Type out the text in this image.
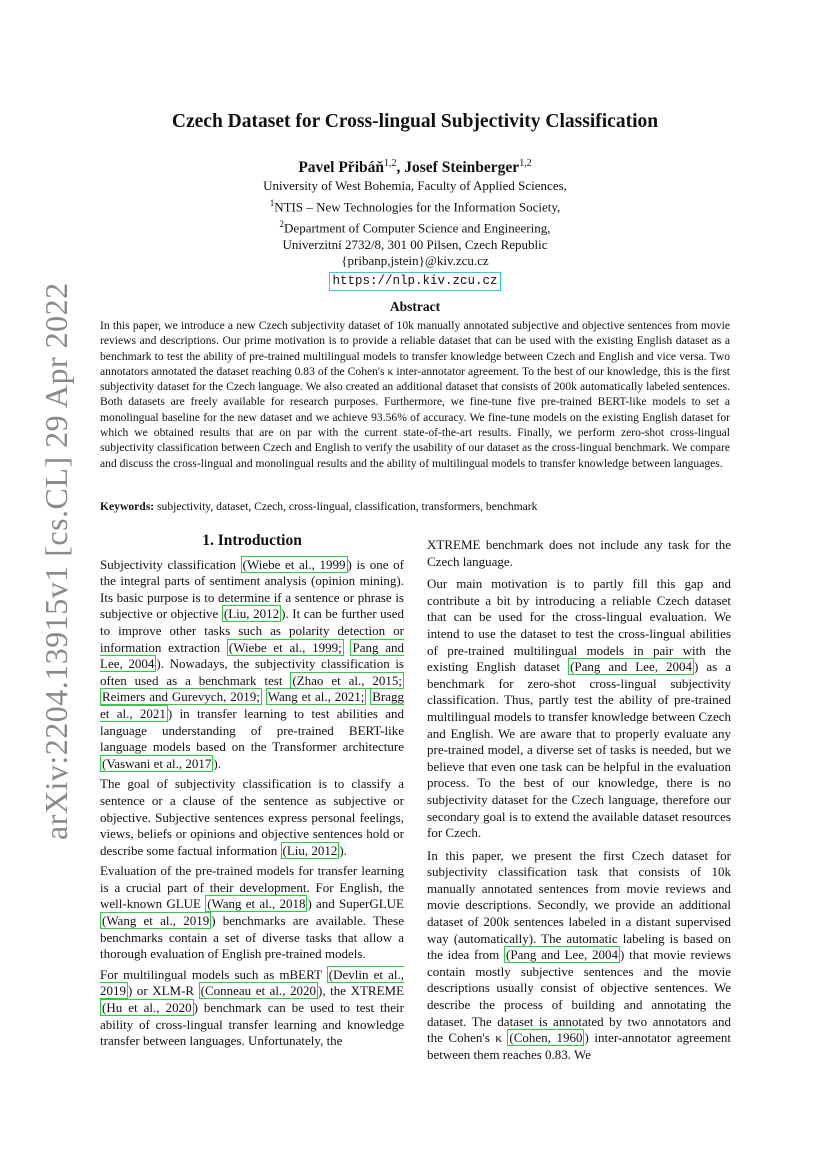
arXiv:2204.13915v1 [cs.CL] 29 Apr 2022
Czech Dataset for Cross-lingual Subjectivity Classification
Pavel Přibáň$^{1,2}$, Josef Steinberger$^{1,2}$
University of West Bohemia, Faculty of Applied Sciences,
$^1$NTIS – New Technologies for the Information Society,
$^2$Department of Computer Science and Engineering,
Univerzitní 2732/8, 301 00 Pilsen, Czech Republic
{pribanp,jstein}@kiv.zcu.cz
https://nlp.kiv.zcu.cz
Abstract
In this paper, we introduce a new Czech subjectivity dataset of 10k manually annotated subjective and objective sentences from movie reviews and descriptions. Our prime motivation is to provide a reliable dataset that can be used with the existing English dataset as a benchmark to test the ability of pre-trained multilingual models to transfer knowledge between Czech and English and vice versa. Two annotators annotated the dataset reaching 0.83 of the Cohen's κ inter-annotator agreement. To the best of our knowledge, this is the first subjectivity dataset for the Czech language. We also created an additional dataset that consists of 200k automatically labeled sentences. Both datasets are freely available for research purposes. Furthermore, we fine-tune five pre-trained BERT-like models to set a monolingual baseline for the new dataset and we achieve 93.56% of accuracy. We fine-tune models on the existing English dataset for which we obtained results that are on par with the current state-of-the-art results. Finally, we perform zero-shot cross-lingual subjectivity classification between Czech and English to verify the usability of our dataset as the cross-lingual benchmark. We compare and discuss the cross-lingual and monolingual results and the ability of multilingual models to transfer knowledge between languages.
Keywords: subjectivity, dataset, Czech, cross-lingual, classification, transformers, benchmark
1. Introduction

Subjectivity classification (Wiebe et al., 1999 ) is one of the integral parts of sentiment analysis (opinion mining). Its basic purpose is to determine if a sentence or phrase is subjective or objective (Liu, 2012 ). It can be further used to improve other tasks such as polarity detection or information extraction (Wiebe et al., 1999; Pang and Lee, 2004 ). Nowadays, the subjectivity classification is often used as a benchmark test (Zhao et al., 2015; Reimers and Gurevych, 2019; Wang et al., 2021; Bragg et al., 2021 ) in transfer learning to test abilities and language understanding of pre-trained BERT-like language models based on the Transformer architecture (Vaswani et al., 2017 ).

The goal of subjectivity classification is to classify a sentence or a clause of the sentence as subjective or objective. Subjective sentences express personal feelings, views, beliefs or opinions and objective sentences hold or describe some factual information (Liu, 2012 ).

Evaluation of the pre-trained models for transfer learning is a crucial part of their development. For English, the well-known GLUE (Wang et al., 2018 ) and SuperGLUE (Wang et al., 2019 ) benchmarks are available. These benchmarks contain a set of diverse tasks that allow a thorough evaluation of English pre-trained models.

For multilingual models such as mBERT (Devlin et al., 2019 ) or XLM-R (Conneau et al., 2020 ), the XTREME (Hu et al., 2020 ) benchmark can be used to test their ability of cross-lingual transfer learning and knowledge transfer between languages. Unfortunately, the

XTREME benchmark does not include any task for the Czech language.

Our main motivation is to partly fill this gap and contribute a bit by introducing a reliable Czech dataset that can be used for the cross-lingual evaluation. We intend to use the dataset to test the cross-lingual abilities of pre-trained multilingual models in pair with the existing English dataset (Pang and Lee, 2004 ) as a benchmark for zero-shot cross-lingual subjectivity classification. Thus, partly test the ability of pre-trained multilingual models to transfer knowledge between Czech and English. We are aware that to properly evaluate any pre-trained model, a diverse set of tasks is needed, but we believe that even one task can be helpful in the evaluation process. To the best of our knowledge, there is no subjectivity dataset for the Czech language, therefore our secondary goal is to extend the available dataset resources for Czech.

In this paper, we present the first Czech dataset for subjectivity classification task that consists of 10k manually annotated sentences from movie reviews and movie descriptions. Secondly, we provide an additional dataset of 200k sentences labeled in a distant supervised way (automatically). The automatic labeling is based on the idea from (Pang and Lee, 2004 ) that movie reviews contain mostly subjective sentences and the movie descriptions usually consist of objective sentences. We describe the process of building and annotating the dataset. The dataset is annotated by two annotators and the Cohen's κ (Cohen, 1960 ) inter-annotator agreement between them reaches 0.83. We
